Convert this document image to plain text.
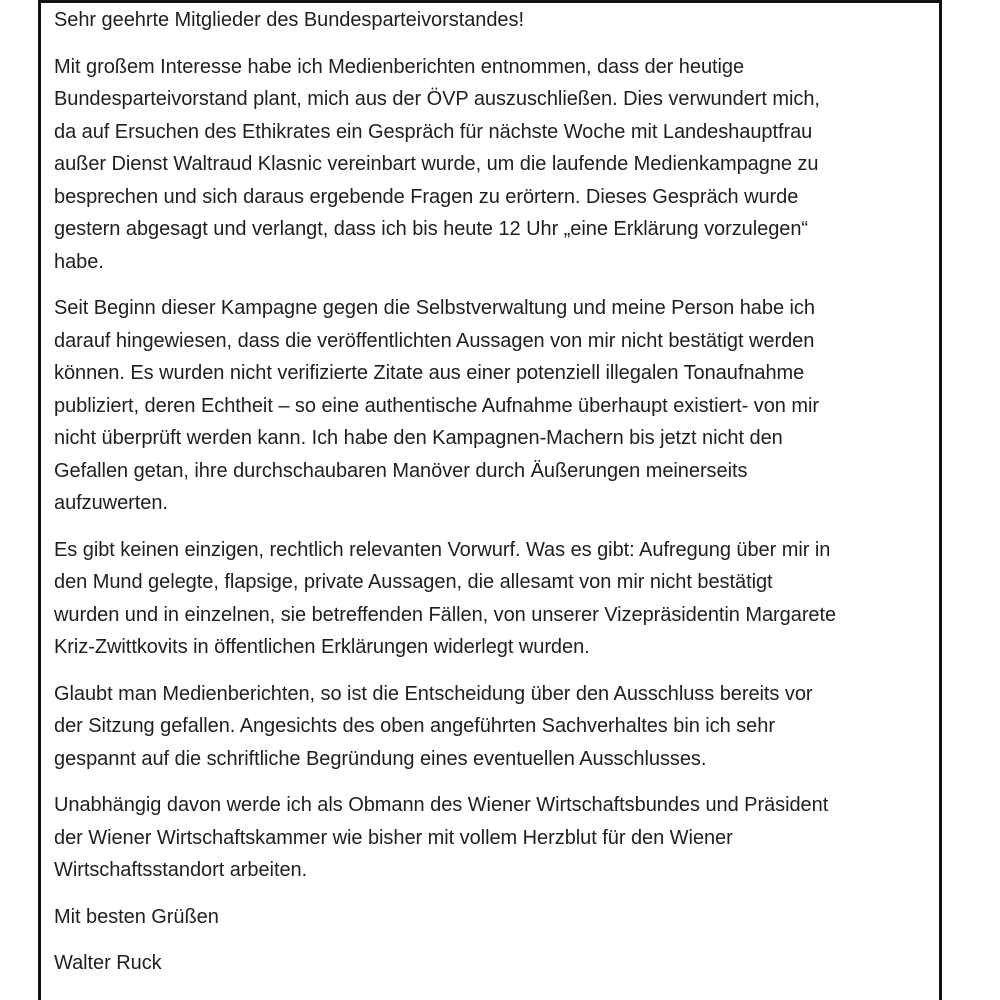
Sehr geehrte Mitglieder des Bundesparteivorstandes!
Mit großem Interesse habe ich Medienberichten entnommen, dass der heutige
Bundesparteivorstand plant, mich aus der ÖVP auszuschließen. Dies verwundert mich,
da auf Ersuchen des Ethikrates ein Gespräch für nächste Woche mit Landeshauptfrau
außer Dienst Waltraud Klasnic vereinbart wurde, um die laufende Medienkampagne zu
besprechen und sich daraus ergebende Fragen zu erörtern. Dieses Gespräch wurde
gestern abgesagt und verlangt, dass ich bis heute 12 Uhr „eine Erklärung vorzulegen“
habe.
Seit Beginn dieser Kampagne gegen die Selbstverwaltung und meine Person habe ich
darauf hingewiesen, dass die veröffentlichten Aussagen von mir nicht bestätigt werden
können. Es wurden nicht verifizierte Zitate aus einer potenziell illegalen Tonaufnahme
publiziert, deren Echtheit – so eine authentische Aufnahme überhaupt existiert- von mir
nicht überprüft werden kann. Ich habe den Kampagnen-Machern bis jetzt nicht den
Gefallen getan, ihre durchschaubaren Manöver durch Äußerungen meinerseits
aufzuwerten.
Es gibt keinen einzigen, rechtlich relevanten Vorwurf. Was es gibt: Aufregung über mir in
den Mund gelegte, flapsige, private Aussagen, die allesamt von mir nicht bestätigt
wurden und in einzelnen, sie betreffenden Fällen, von unserer Vizepräsidentin Margarete
Kriz-Zwittkovits in öffentlichen Erklärungen widerlegt wurden.
Glaubt man Medienberichten, so ist die Entscheidung über den Ausschluss bereits vor
der Sitzung gefallen. Angesichts des oben angeführten Sachverhaltes bin ich sehr
gespannt auf die schriftliche Begründung eines eventuellen Ausschlusses.
Unabhängig davon werde ich als Obmann des Wiener Wirtschaftsbundes und Präsident
der Wiener Wirtschaftskammer wie bisher mit vollem Herzblut für den Wiener
Wirtschaftsstandort arbeiten.
Mit besten Grüßen
Walter Ruck
